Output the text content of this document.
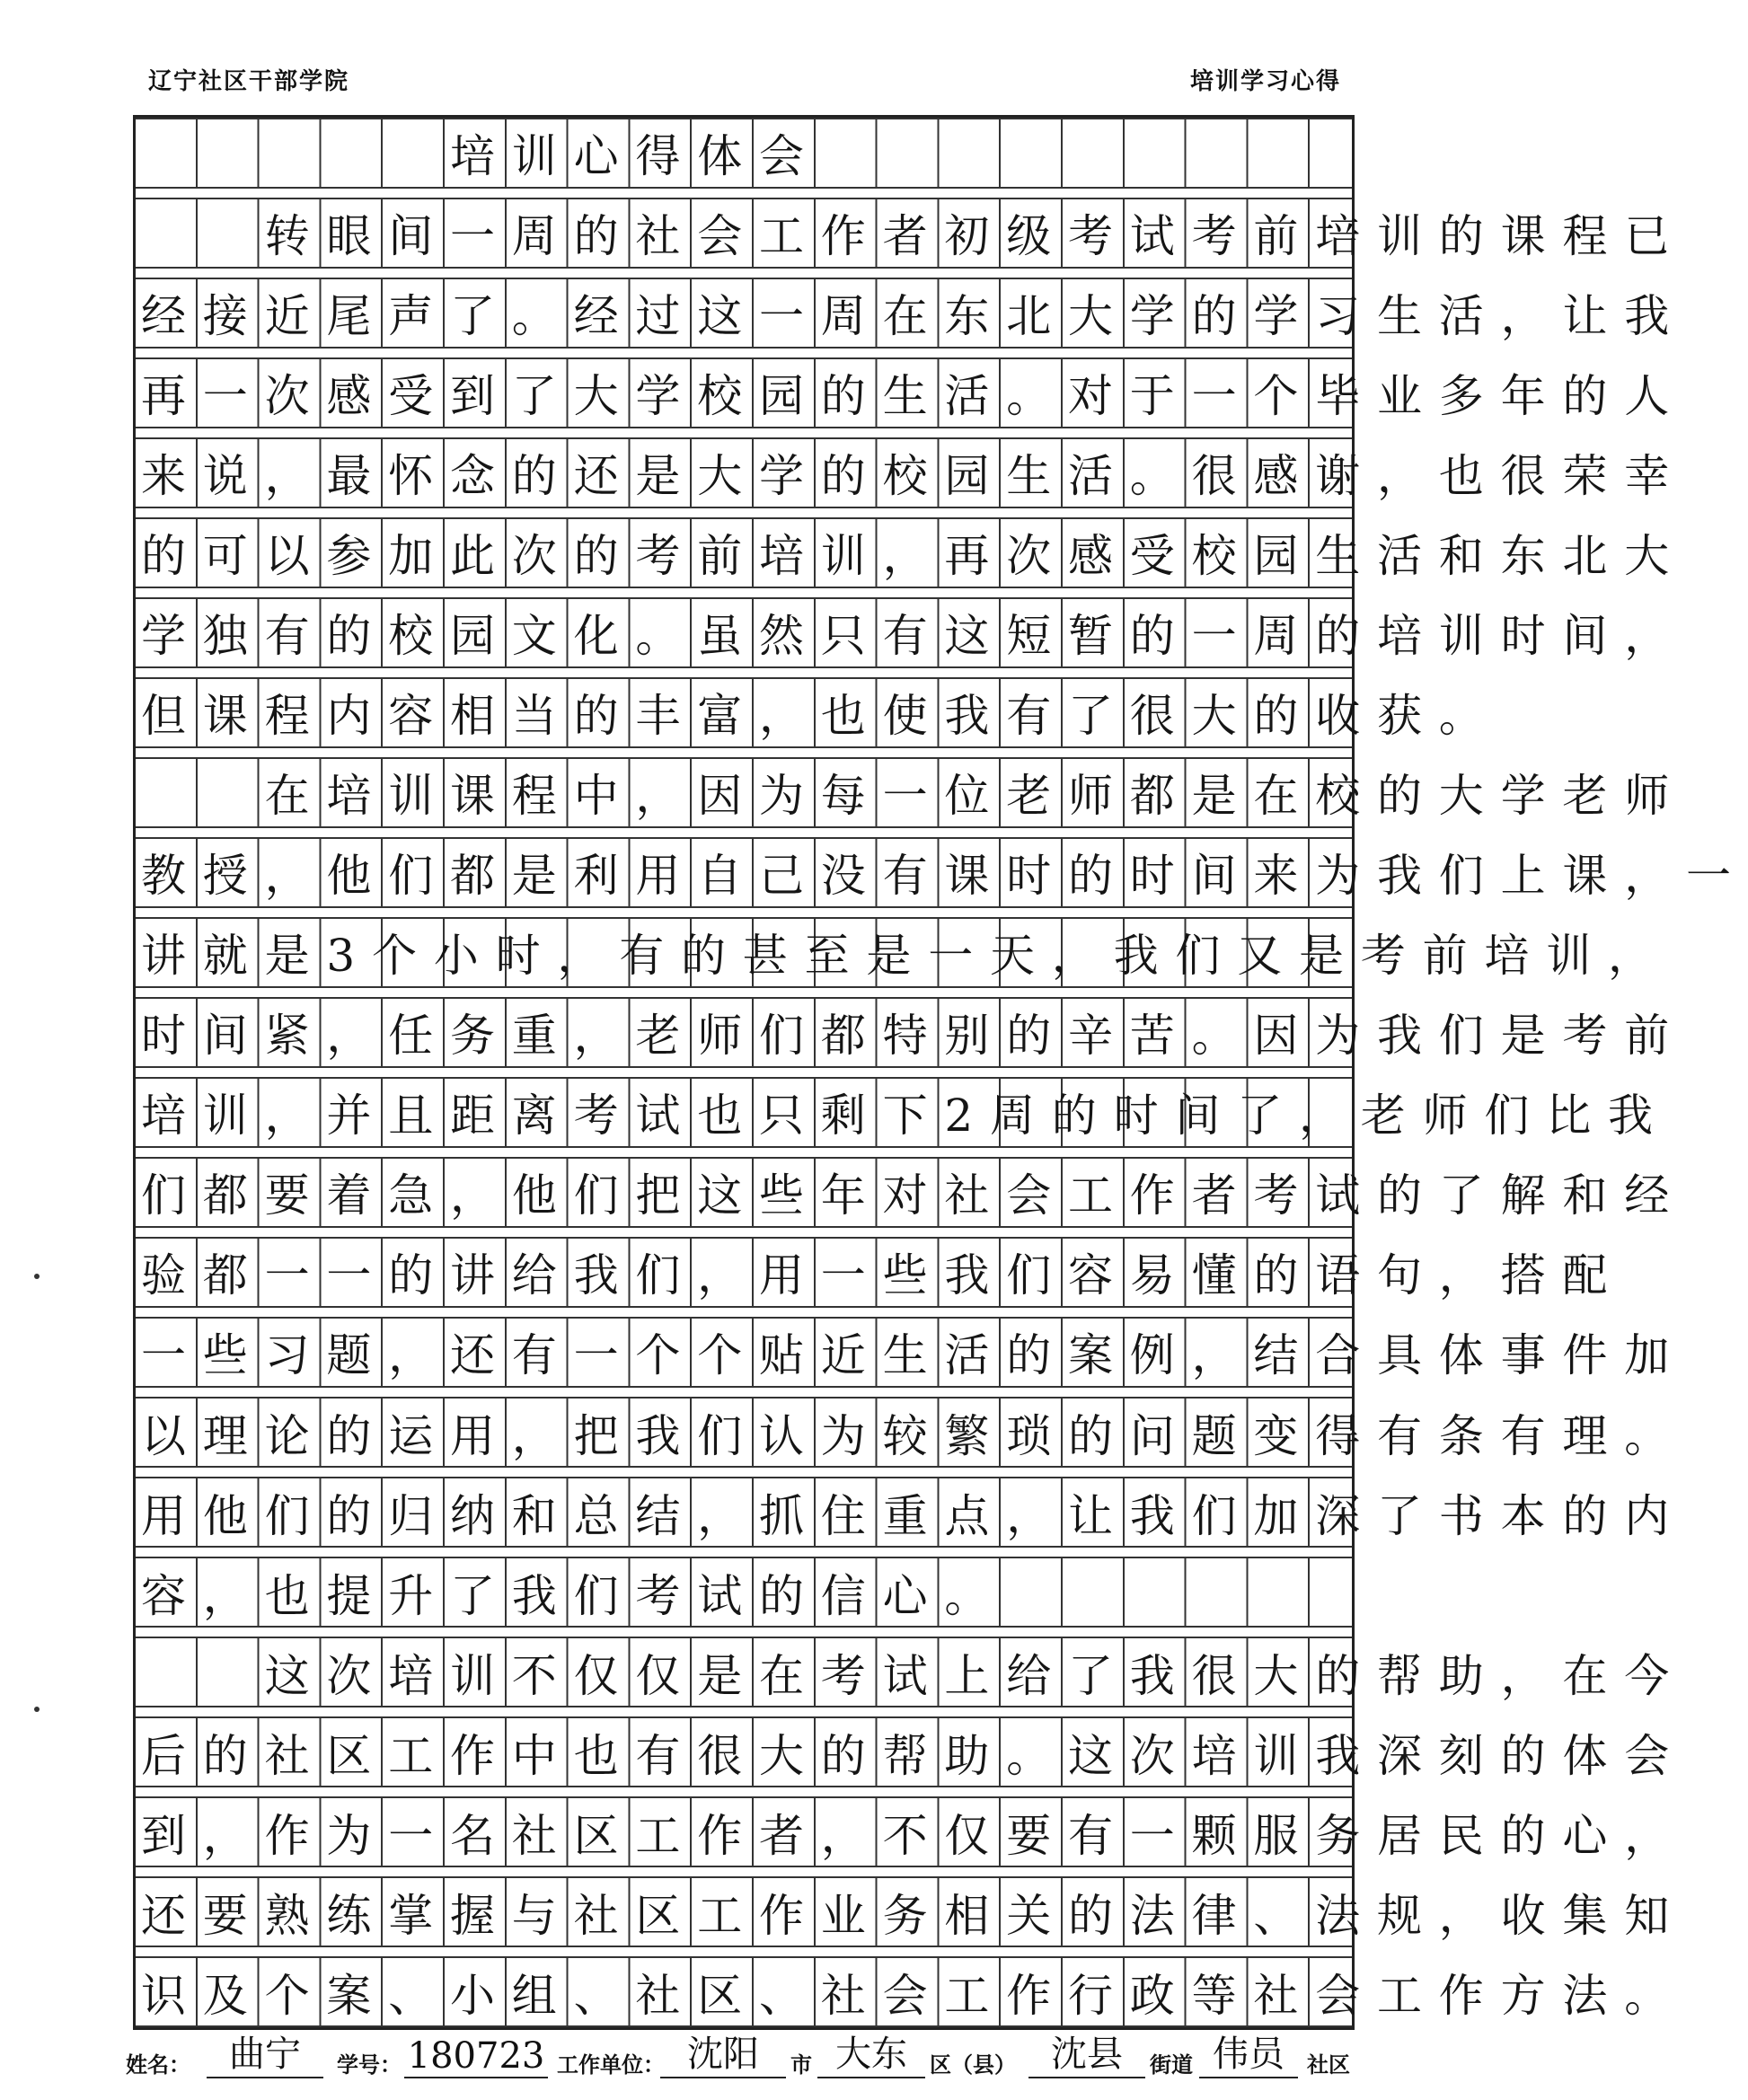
辽宁社区干部学院	培训学习心得
　　　　　培训心得体会
　　转眼间一周的社会工作者初级考试考前培训的课程已
经接近尾声了。经过这一周在东北大学的学习生活，让我
再一次感受到了大学校园的生活。对于一个毕业多年的人
来说，最怀念的还是大学的校园生活。很感谢，也很荣幸
的可以参加此次的考前培训，再次感受校园生活和东北大
学独有的校园文化。虽然只有这短暂的一周的培训时间，
但课程内容相当的丰富，也使我有了很大的收获。
　　在培训课程中，因为每一位老师都是在校的大学老师
教授，他们都是利用自己没有课时的时间来为我们上课，一
讲就是3个小时，有的甚至是一天，我们又是考前培训，
时间紧，任务重，老师们都特别的辛苦。因为我们是考前
培训，并且距离考试也只剩下2周的时间了，老师们比我
们都要着急，他们把这些年对社会工作者考试的了解和经
验都一一的讲给我们，用一些我们容易懂的语句，搭配
一些习题，还有一个个贴近生活的案例，结合具体事件加
以理论的运用，把我们认为较繁琐的问题变得有条有理。
用他们的归纳和总结，抓住重点，让我们加深了书本的内
容，也提升了我们考试的信心。
　　这次培训不仅仅是在考试上给了我很大的帮助，在今
后的社区工作中也有很大的帮助。这次培训我深刻的体会
到，作为一名社区工作者，不仅要有一颗服务居民的心，
还要熟练掌握与社区工作业务相关的法律、法规，收集知
识及个案、小组、社区、社会工作行政等社会工作方法。
姓名：	曲宁	学号： 180723 工作单位： 沈阳	市 大东	区（县） 沈县	街道 伟员	社区
